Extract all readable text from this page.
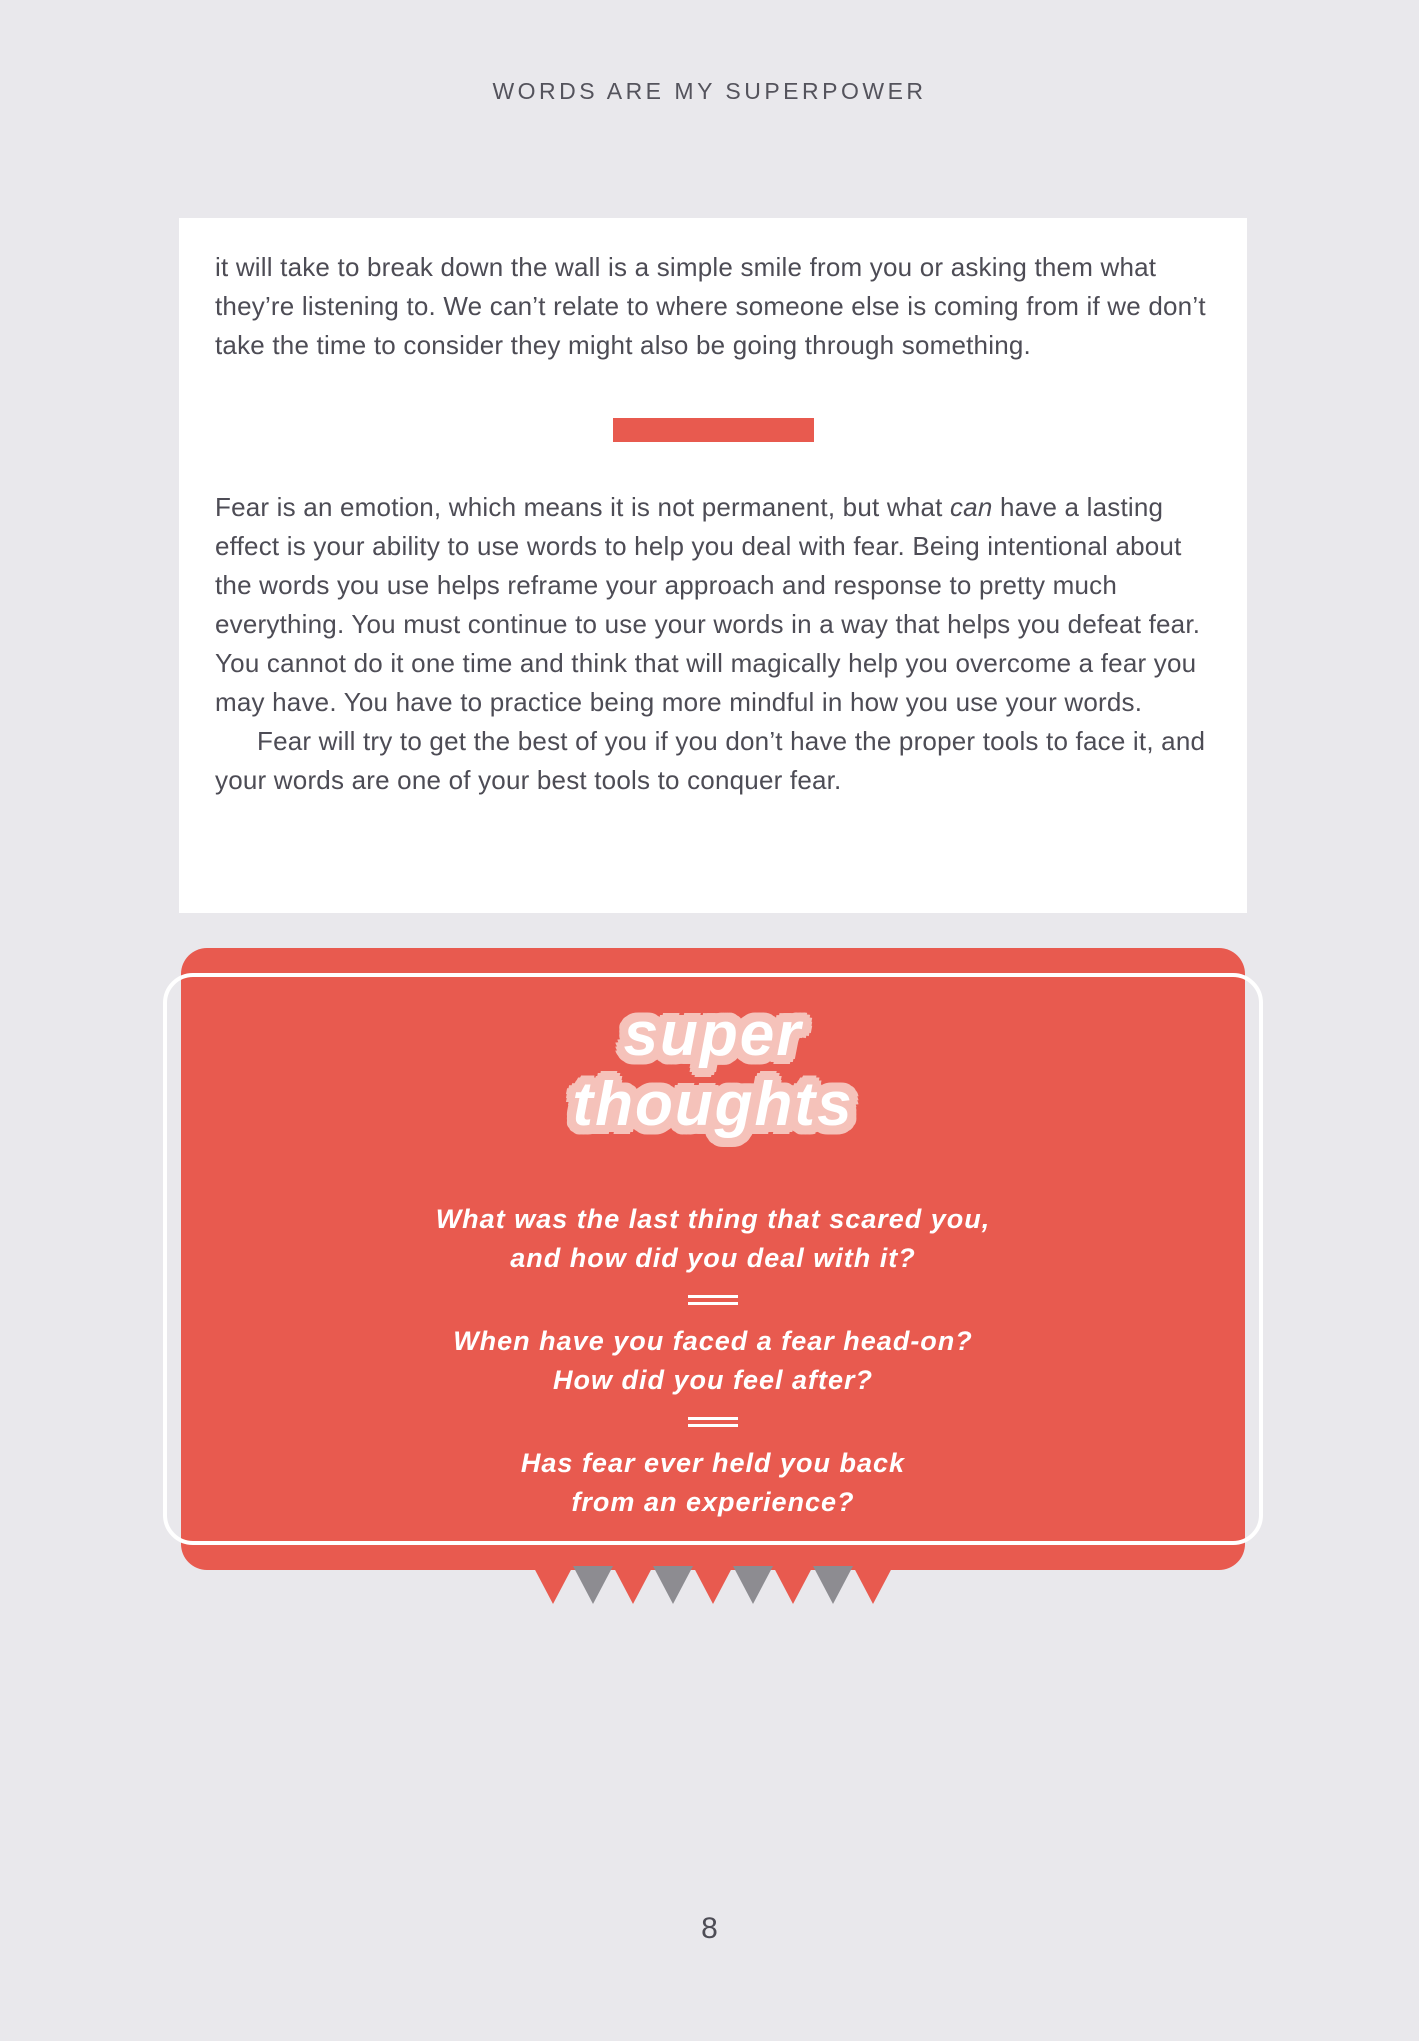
WORDS ARE MY SUPERPOWER

it will take to break down the wall is a simple smile from you or asking them what they’re listening to. We can’t relate to where someone else is coming from if we don’t take the time to consider they might also be going through something.

Fear is an emotion, which means it is not permanent, but what can have a lasting effect is your ability to use words to help you deal with fear. Being intentional about the words you use helps reframe your approach and response to pretty much everything. You must continue to use your words in a way that helps you defeat fear. You cannot do it one time and think that will magically help you overcome a fear you may have. You have to practice being more mindful in how you use your words.

Fear will try to get the best of you if you don’t have the proper tools to face it, and your words are one of your best tools to conquer fear.

super
thoughts
What was the last thing that scared you,
and how did you deal with it?
When have you faced a fear head-on?
How did you feel after?
Has fear ever held you back
from an experience?
8
